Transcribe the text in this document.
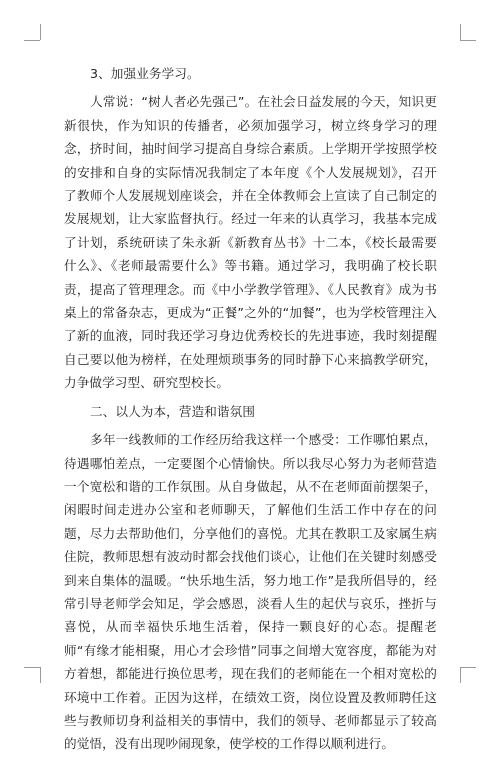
3、加强业务学习。

人常说：“树人者必先强己”。在社会日益发展的今天，知识更新很快，作为知识的传播者，必须加强学习，树立终身学习的理念，挤时间，抽时间学习提高自身综合素质。上学期开学按照学校的安排和自身的实际情况我制定了本年度《个人发展规划》，召开了教师个人发展规划座谈会，并在全体教师会上宣读了自己制定的发展规划，让大家监督执行。经过一年来的认真学习，我基本完成了计划，系统研读了朱永新《新教育丛书》十二本，《校长最需要什么》、《老师最需要什么》等书籍。通过学习，我明确了校长职责，提高了管理理念。而《中小学教学管理》、《人民教育》成为书桌上的常备杂志，更成为“正餐”之外的“加餐”，也为学校管理注入了新的血液，同时我还学习身边优秀校长的先进事迹，我时刻提醒自己要以他为榜样，在处理烦琐事务的同时静下心来搞教学研究，力争做学习型、研究型校长。

二、以人为本，营造和谐氛围

多年一线教师的工作经历给我这样一个感受：工作哪怕累点，待遇哪怕差点，一定要图个心情愉快。所以我尽心努力为老师营造一个宽松和谐的工作氛围。从自身做起，从不在老师面前摆架子，闲暇时间走进办公室和老师聊天，了解他们生活工作中存在的问题，尽力去帮助他们，分享他们的喜悦。尤其在教职工及家属生病住院，教师思想有波动时都会找他们谈心，让他们在关键时刻感受到来自集体的温暖。“快乐地生活，努力地工作”是我所倡导的，经常引导老师学会知足，学会感恩，淡看人生的起伏与哀乐，挫折与喜悦，从而幸福快乐地生活着，保持一颗良好的心态。提醒老师“有缘才能相聚，用心才会珍惜”同事之间增大宽容度，都能为对方着想，都能进行换位思考，现在我们的老师能在一个相对宽松的环境中工作着。正因为这样，在绩效工资，岗位设置及教师聘任这些与教师切身利益相关的事情中，我们的领导、老师都显示了较高的觉悟，没有出现吵闹现象，使学校的工作得以顺利进行。
